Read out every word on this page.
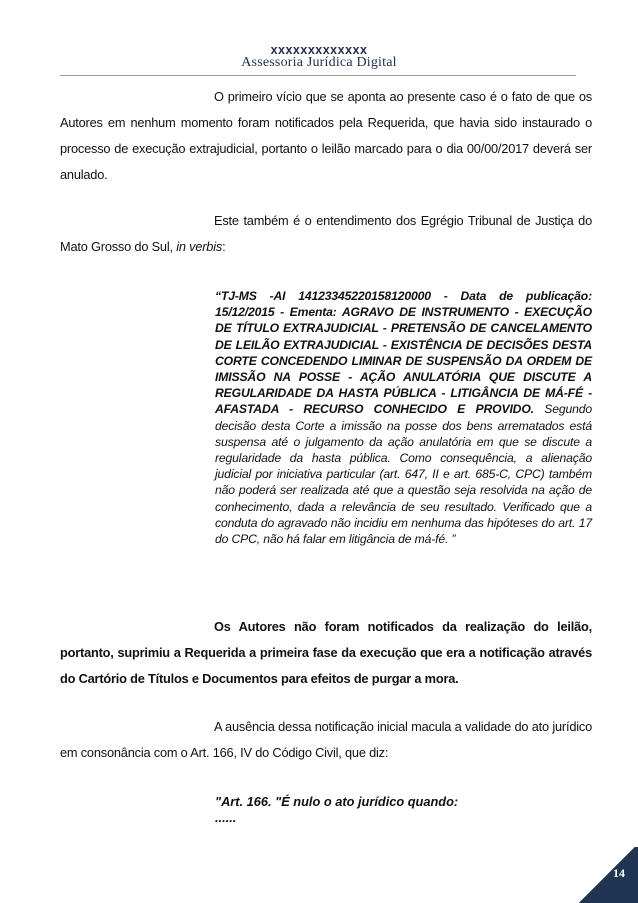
xxxxxxxxxxxxx
Assessoria Jurídica Digital

O primeiro vício que se aponta ao presente caso é o fato de que os Autores em nenhum momento foram notificados pela Requerida, que havia sido instaurado o processo de execução extrajudicial, portanto o leilão marcado para o dia 00/00/2017 deverá ser anulado.

Este também é o entendimento dos Egrégio Tribunal de Justiça do Mato Grosso do Sul, in verbis:

“TJ-MS -AI 14123345220158120000 - Data de publicação: 15/12/2015 - Ementa: AGRAVO DE INSTRUMENTO - EXECUÇÃO DE TÍTULO EXTRAJUDICIAL - PRETENSÃO DE CANCELAMENTO DE LEILÃO EXTRAJUDICIAL - EXISTÊNCIA DE DECISÕES DESTA CORTE CONCEDENDO LIMINAR DE SUSPENSÃO DA ORDEM DE IMISSÃO NA POSSE - AÇÃO ANULATÓRIA QUE DISCUTE A REGULARIDADE DA HASTA PÚBLICA - LITIGÂNCIA DE MÁ-FÉ - AFASTADA - RECURSO CONHECIDO E PROVIDO. Segundo decisão desta Corte a imissão na posse dos bens arrematados está suspensa até o julgamento da ação anulatória em que se discute a regularidade da hasta pública. Como consequência, a alienação judicial por iniciativa particular (art. 647, II e art. 685-C, CPC) também não poderá ser realizada até que a questão seja resolvida na ação de conhecimento, dada a relevância de seu resultado. Verificado que a conduta do agravado não incidiu em nenhuma das hipóteses do art. 17 do CPC, não há falar em litigância de má-fé. ”

Os Autores não foram notificados da realização do leilão, portanto, suprimiu a Requerida a primeira fase da execução que era a notificação através do Cartório de Títulos e Documentos para efeitos de purgar a mora.

A ausência dessa notificação inicial macula a validade do ato jurídico em consonância com o Art. 166, IV do Código Civil, que diz:

"Art. 166. "É nulo o ato jurídico quando:
......

14
